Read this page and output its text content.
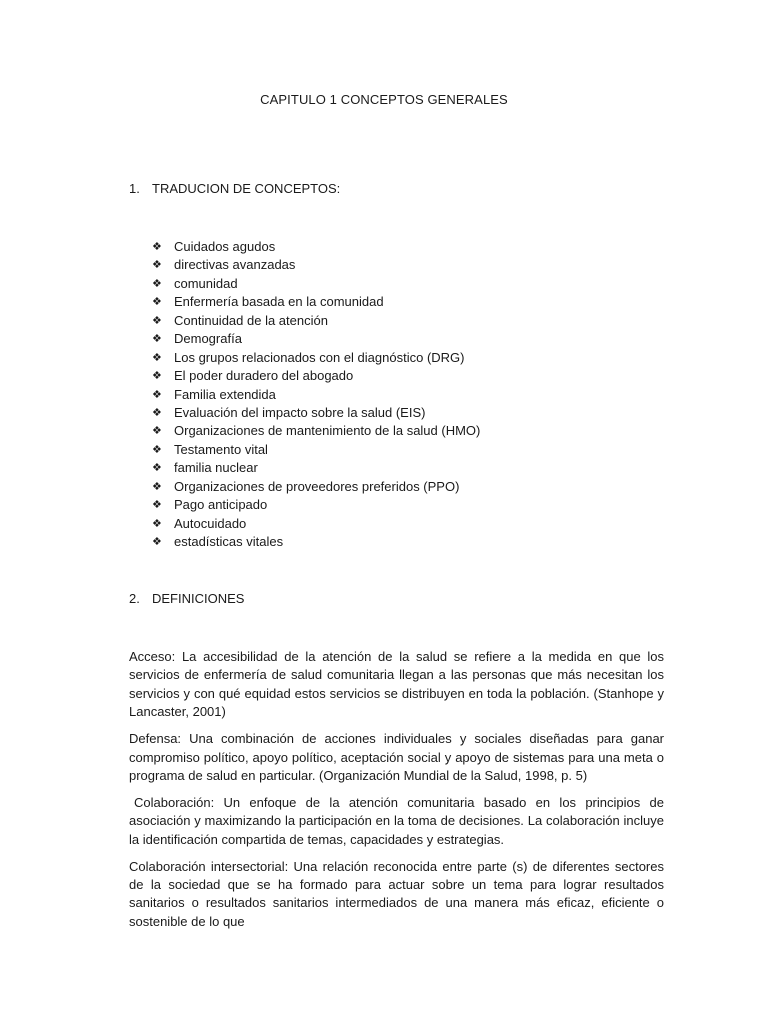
CAPITULO 1 CONCEPTOS GENERALES
1. TRADUCION DE CONCEPTOS:
❖ Cuidados agudos
❖ directivas avanzadas
❖ comunidad
❖ Enfermería basada en la comunidad
❖ Continuidad de la atención
❖ Demografía
❖ Los grupos relacionados con el diagnóstico (DRG)
❖ El poder duradero del abogado
❖ Familia extendida
❖ Evaluación del impacto sobre la salud (EIS)
❖ Organizaciones de mantenimiento de la salud (HMO)
❖ Testamento vital
❖ familia nuclear
❖ Organizaciones de proveedores preferidos (PPO)
❖ Pago anticipado
❖ Autocuidado
❖ estadísticas vitales
2. DEFINICIONES

Acceso: La accesibilidad de la atención de la salud se refiere a la medida en que los servicios de enfermería de salud comunitaria llegan a las personas que más necesitan los servicios y con qué equidad estos servicios se distribuyen en toda la población. (Stanhope y Lancaster, 2001)

Defensa: Una combinación de acciones individuales y sociales diseñadas para ganar compromiso político, apoyo político, aceptación social y apoyo de sistemas para una meta o programa de salud en particular. (Organización Mundial de la Salud, 1998, p. 5)

Colaboración: Un enfoque de la atención comunitaria basado en los principios de asociación y maximizando la participación en la toma de decisiones. La colaboración incluye la identificación compartida de temas, capacidades y estrategias.

Colaboración intersectorial: Una relación reconocida entre parte (s) de diferentes sectores de la sociedad que se ha formado para actuar sobre un tema para lograr resultados sanitarios o resultados sanitarios intermediados de una manera más eficaz, eficiente o sostenible de lo que
